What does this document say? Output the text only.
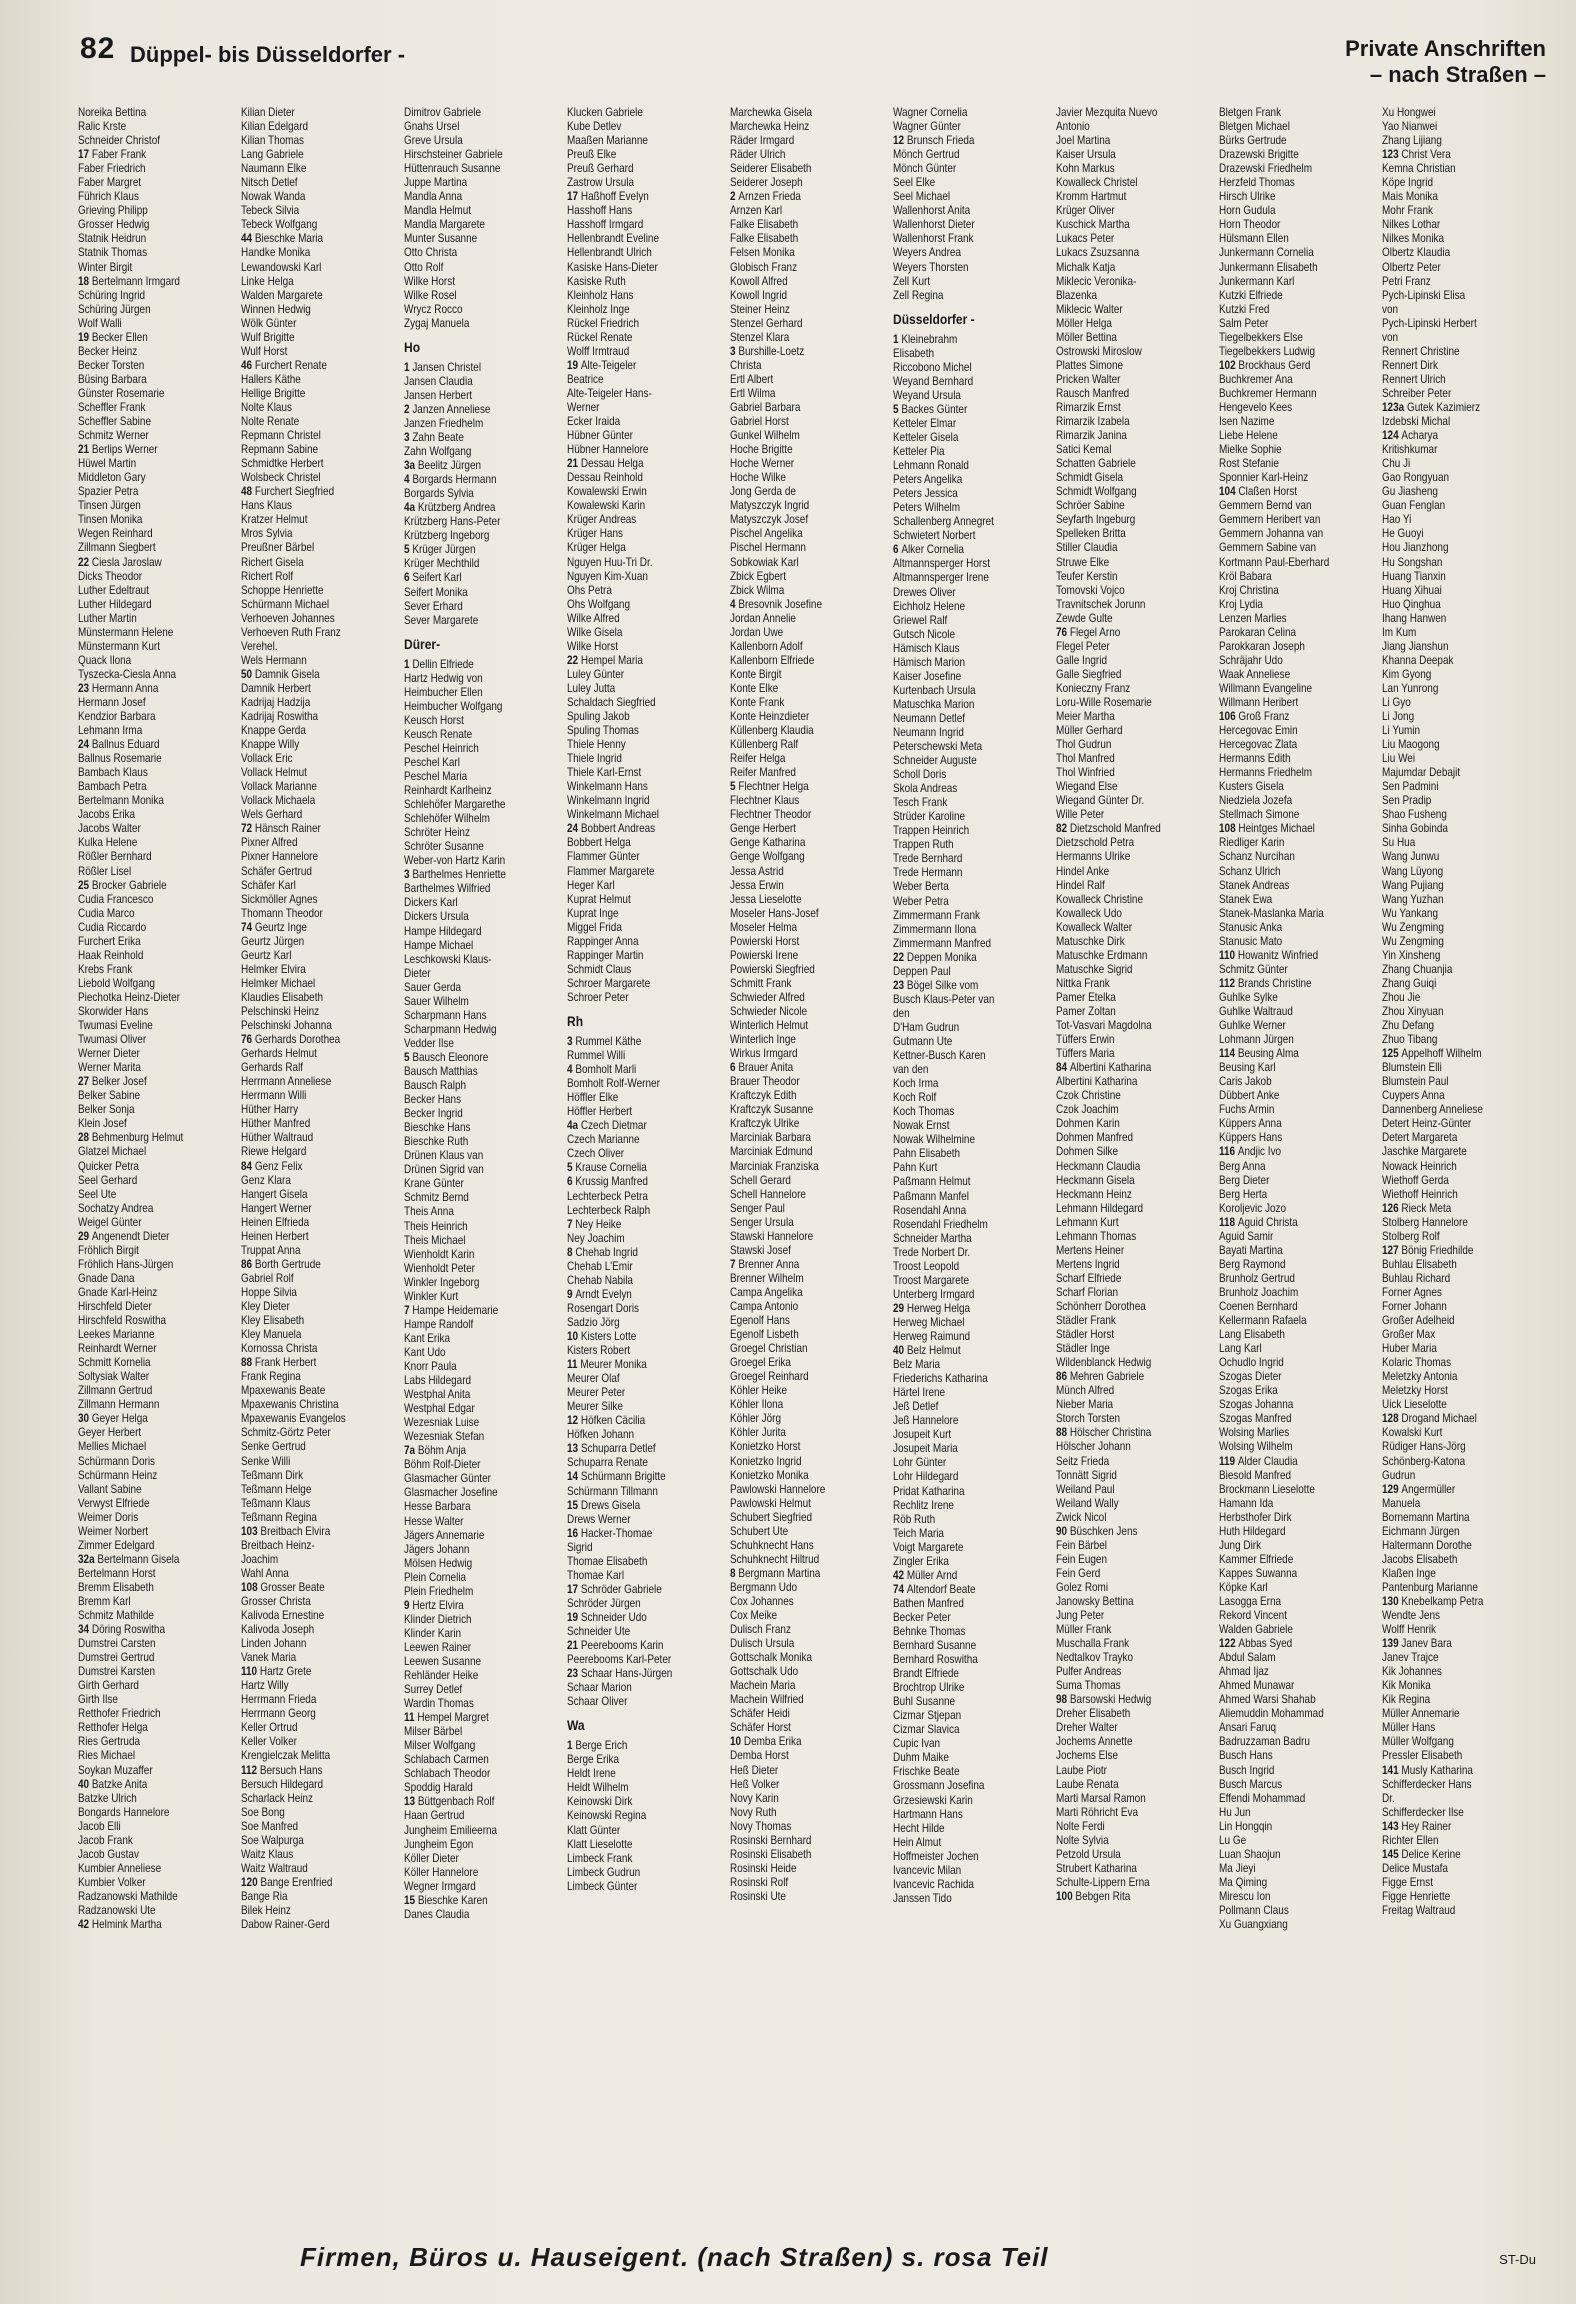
82 Düppel- bis Düsseldorfer -	Private Anschriften
– nach Straßen –
Noreika Bettina
Ralic Krste
Schneider Christof
17 Faber Frank
Faber Friedrich
Faber Margret
Führich Klaus
Grieving Philipp
Grosser Hedwig
Statnik Heidrun
Statnik Thomas
Winter Birgit
18 Bertelmann Irmgard
Schüring Ingrid
Schüring Jürgen
Wolf Walli
19 Becker Ellen
Becker Heinz
Becker Torsten
Büsing Barbara
Günster Rosemarie
Scheffler Frank
Scheffler Sabine
Schmitz Werner
21 Berlips Werner
Hüwel Martin
Middleton Gary
Spazier Petra
Tinsen Jürgen
Tinsen Monika
Wegen Reinhard
Zillmann Siegbert
22 Ciesla Jaroslaw
Dicks Theodor
Luther Edeltraut
Luther Hildegard
Luther Martin
Münstermann Helene
Münstermann Kurt
Quack Ilona
Tyszecka-Ciesla Anna
23 Hermann Anna
Hermann Josef
Kendzior Barbara
Lehmann Irma
24 Ballnus Eduard
Ballnus Rosemarie
Bambach Klaus
Bambach Petra
Bertelmann Monika
Jacobs Erika
Jacobs Walter
Kulka Helene
Rößler Bernhard
Rößler Lisel
25 Brocker Gabriele
Cudia Francesco
Cudia Marco
Cudia Riccardo
Furchert Erika
Haak Reinhold
Krebs Frank
Liebold Wolfgang
Piechotka Heinz-Dieter
Skorwider Hans
Twumasi Eveline
Twumasi Oliver
Werner Dieter
Werner Marita
27 Belker Josef
Belker Sabine
Belker Sonja
Klein Josef
28 Behmenburg Helmut
Glatzel Michael
Quicker Petra
Seel Gerhard
Seel Ute
Sochatzy Andrea
Weigel Günter
29 Angenendt Dieter
Fröhlich Birgit
Fröhlich Hans-Jürgen
Gnade Dana
Gnade Karl-Heinz
Hirschfeld Dieter
Hirschfeld Roswitha
Leekes Marianne
Reinhardt Werner
Schmitt Kornelia
Soltysiak Walter
Zillmann Gertrud
Zillmann Hermann
30 Geyer Helga
Geyer Herbert
Mellies Michael
Schürmann Doris
Schürmann Heinz
Vallant Sabine
Verwyst Elfriede
Weimer Doris
Weimer Norbert
Zimmer Edelgard
32a Bertelmann Gisela
Bertelmann Horst
Bremm Elisabeth
Bremm Karl
Schmitz Mathilde
34 Döring Roswitha
Dumstrei Carsten
Dumstrei Gertrud
Dumstrei Karsten
Girth Gerhard
Girth Ilse
Retthofer Friedrich
Retthofer Helga
Ries Gertruda
Ries Michael
Soykan Muzaffer
40 Batzke Anita
Batzke Ulrich
Bongards Hannelore
Jacob Elli
Jacob Frank
Jacob Gustav
Kumbier Anneliese
Kumbier Volker
Radzanowski Mathilde
Radzanowski Ute
42 Helmink Martha
Kilian Dieter
Kilian Edelgard
Kilian Thomas
Lang Gabriele
Naumann Elke
Nitsch Detlef
Nowak Wanda
Tebeck Silvia
Tebeck Wolfgang
44 Bieschke Maria
Handke Monika
Lewandowski Karl
Linke Helga
Walden Margarete
Winnen Hedwig
Wölk Günter
Wulf Brigitte
Wulf Horst
46 Furchert Renate
Hallers Käthe
Hellige Brigitte
Nolte Klaus
Nolte Renate
Repmann Christel
Repmann Sabine
Schmidtke Herbert
Wolsbeck Christel
48 Furchert Siegfried
Hans Klaus
Kratzer Helmut
Mros Sylvia
Preußner Bärbel
Richert Gisela
Richert Rolf
Schoppe Henriette
Schürmann Michael
Verhoeven Johannes
Verhoeven Ruth Franz
Verehel.
Wels Hermann
50 Damnik Gisela
Damnik Herbert
Kadrijaj Hadzija
Kadrijaj Roswitha
Knappe Gerda
Knappe Willy
Vollack Eric
Vollack Helmut
Vollack Marianne
Vollack Michaela
Wels Gerhard
72 Hänsch Rainer
Pixner Alfred
Pixner Hannelore
Schäfer Gertrud
Schäfer Karl
Sickmöller Agnes
Thomann Theodor
74 Geurtz Inge
Geurtz Jürgen
Geurtz Karl
Helmker Elvira
Helmker Michael
Klaudies Elisabeth
Pelschinski Heinz
Pelschinski Johanna
76 Gerhards Dorothea
Gerhards Helmut
Gerhards Ralf
Herrmann Anneliese
Herrmann Willi
Hüther Harry
Hüther Manfred
Hüther Waltraud
Riewe Helgard
84 Genz Felix
Genz Klara
Hangert Gisela
Hangert Werner
Heinen Elfrieda
Heinen Herbert
Truppat Anna
86 Borth Gertrude
Gabriel Rolf
Hoppe Silvia
Kley Dieter
Kley Elisabeth
Kley Manuela
Kornossa Christa
88 Frank Herbert
Frank Regina
Mpaxewanis Beate
Mpaxewanis Christina
Mpaxewanis Evangelos
Schmitz-Görtz Peter
Senke Gertrud
Senke Willi
Teßmann Dirk
Teßmann Helge
Teßmann Klaus
Teßmann Regina
103 Breitbach Elvira
Breitbach Heinz-
Joachim
Wahl Anna
108 Grosser Beate
Grosser Christa
Kalivoda Ernestine
Kalivoda Joseph
Linden Johann
Vanek Maria
110 Hartz Grete
Hartz Willy
Herrmann Frieda
Herrmann Georg
Keller Ortrud
Keller Volker
Krengielczak Melitta
112 Bersuch Hans
Bersuch Hildegard
Scharlack Heinz
Soe Bong
Soe Manfred
Soe Walpurga
Waitz Klaus
Waitz Waltraud
120 Bange Erenfried
Bange Ria
Bilek Heinz
Dabow Rainer-Gerd
Dimitrov Gabriele
Gnahs Ursel
Greve Ursula
Hirschsteiner Gabriele
Hüttenrauch Susanne
Juppe Martina
Mandla Anna
Mandla Helmut
Mandla Margarete
Munter Susanne
Otto Christa
Otto Rolf
Wilke Horst
Wilke Rosel
Wrycz Rocco
Zygaj Manuela
Ho
1 Jansen Christel
Jansen Claudia
Jansen Herbert
2 Janzen Anneliese
Janzen Friedhelm
3 Zahn Beate
Zahn Wolfgang
3a Beelitz Jürgen
4 Borgards Hermann
Borgards Sylvia
4a Krützberg Andrea
Krützberg Hans-Peter
Krützberg Ingeborg
5 Krüger Jürgen
Krüger Mechthild
6 Seifert Karl
Seifert Monika
Sever Erhard
Sever Margarete
Dürer-
1 Dellin Elfriede
Hartz Hedwig von
Heimbucher Ellen
Heimbucher Wolfgang
Keusch Horst
Keusch Renate
Peschel Heinrich
Peschel Karl
Peschel Maria
Reinhardt Karlheinz
Schlehöfer Margarethe
Schlehöfer Wilhelm
Schröter Heinz
Schröter Susanne
Weber-von Hartz Karin
3 Barthelmes Henriette
Barthelmes Wilfried
Dickers Karl
Dickers Ursula
Hampe Hildegard
Hampe Michael
Leschkowski Klaus-
Dieter
Sauer Gerda
Sauer Wilhelm
Scharpmann Hans
Scharpmann Hedwig
Vedder Ilse
5 Bausch Eleonore
Bausch Matthias
Bausch Ralph
Becker Hans
Becker Ingrid
Bieschke Hans
Bieschke Ruth
Drünen Klaus van
Drünen Sigrid van
Krane Günter
Schmitz Bernd
Theis Anna
Theis Heinrich
Theis Michael
Wienholdt Karin
Wienholdt Peter
Winkler Ingeborg
Winkler Kurt
7 Hampe Heidemarie
Hampe Randolf
Kant Erika
Kant Udo
Knorr Paula
Labs Hildegard
Westphal Anita
Westphal Edgar
Wezesniak Luise
Wezesniak Stefan
7a Böhm Anja
Böhm Rolf-Dieter
Glasmacher Günter
Glasmacher Josefine
Hesse Barbara
Hesse Walter
Jägers Annemarie
Jägers Johann
Mölsen Hedwig
Plein Cornelia
Plein Friedhelm
9 Hertz Elvira
Klinder Dietrich
Klinder Karin
Leewen Rainer
Leewen Susanne
Rehländer Heike
Surrey Detlef
Wardin Thomas
11 Hempel Margret
Milser Bärbel
Milser Wolfgang
Schlabach Carmen
Schlabach Theodor
Spoddig Harald
13 Büttgenbach Rolf
Haan Gertrud
Jungheim Emilieerna
Jungheim Egon
Köller Dieter
Köller Hannelore
Wegner Irmgard
15 Bieschke Karen
Danes Claudia
Klucken Gabriele
Kube Detlev
Maaßen Marianne
Preuß Elke
Preuß Gerhard
Zastrow Ursula
17 Haßhoff Evelyn
Hasshoff Hans
Hasshoff Irmgard
Hellenbrandt Eveline
Hellenbrandt Ulrich
Kasiske Hans-Dieter
Kasiske Ruth
Kleinholz Hans
Kleinholz Inge
Rückel Friedrich
Rückel Renate
Wolff Irmtraud
19 Alte-Teigeler
Beatrice
Alte-Teigeler Hans-
Werner
Ecker Iraida
Hübner Günter
Hübner Hannelore
21 Dessau Helga
Dessau Reinhold
Kowalewski Erwin
Kowalewski Karin
Krüger Andreas
Krüger Hans
Krüger Helga
Nguyen Huu-Tri Dr.
Nguyen Kim-Xuan
Ohs Petra
Ohs Wolfgang
Wilke Alfred
Wilke Gisela
Wilke Horst
22 Hempel Maria
Luley Günter
Luley Jutta
Schaldach Siegfried
Spuling Jakob
Spuling Thomas
Thiele Henny
Thiele Ingrid
Thiele Karl-Ernst
Winkelmann Hans
Winkelmann Ingrid
Winkelmann Michael
24 Bobbert Andreas
Bobbert Helga
Flammer Günter
Flammer Margarete
Heger Karl
Kuprat Helmut
Kuprat Inge
Miggel Frida
Rappinger Anna
Rappinger Martin
Schmidt Claus
Schroer Margarete
Schroer Peter
Rh
3 Rummel Käthe
Rummel Willi
4 Bomholt Marli
Bomholt Rolf-Werner
Höffler Elke
Höffler Herbert
4a Czech Dietmar
Czech Marianne
Czech Oliver
5 Krause Cornelia
6 Krussig Manfred
Lechterbeck Petra
Lechterbeck Ralph
7 Ney Heike
Ney Joachim
8 Chehab Ingrid
Chehab L'Emir
Chehab Nabila
9 Arndt Evelyn
Rosengart Doris
Sadzio Jörg
10 Kisters Lotte
Kisters Robert
11 Meurer Monika
Meurer Olaf
Meurer Peter
Meurer Silke
12 Höfken Cäcilia
Höfken Johann
13 Schuparra Detlef
Schuparra Renate
14 Schürmann Brigitte
Schürmann Tillmann
15 Drews Gisela
Drews Werner
16 Hacker-Thomae
Sigrid
Thomae Elisabeth
Thomae Karl
17 Schröder Gabriele
Schröder Jürgen
19 Schneider Udo
Schneider Ute
21 Peerebooms Karin
Peerebooms Karl-Peter
23 Schaar Hans-Jürgen
Schaar Marion
Schaar Oliver
Wa
1 Berge Erich
Berge Erika
Heldt Irene
Heldt Wilhelm
Keinowski Dirk
Keinowski Regina
Klatt Günter
Klatt Lieselotte
Limbeck Frank
Limbeck Gudrun
Limbeck Günter
Marchewka Gisela
Marchewka Heinz
Räder Irmgard
Räder Ulrich
Seiderer Elisabeth
Seiderer Joseph
2 Arnzen Frieda
Arnzen Karl
Falke Elisabeth
Falke Elisabeth
Felsen Monika
Globisch Franz
Kowoll Alfred
Kowoll Ingrid
Steiner Heinz
Stenzel Gerhard
Stenzel Klara
3 Burshille-Loetz
Christa
Ertl Albert
Ertl Wilma
Gabriel Barbara
Gabriel Horst
Gunkel Wilhelm
Hoche Brigitte
Hoche Werner
Hoche Wilke
Jong Gerda de
Matyszczyk Ingrid
Matyszczyk Josef
Pischel Angelika
Pischel Hermann
Sobkowiak Karl
Zbick Egbert
Zbick Wilma
4 Bresovnik Josefine
Jordan Annelie
Jordan Uwe
Kallenborn Adolf
Kallenborn Elfriede
Konte Birgit
Konte Elke
Konte Frank
Konte Heinzdieter
Küllenberg Klaudia
Küllenberg Ralf
Reifer Helga
Reifer Manfred
5 Flechtner Helga
Flechtner Klaus
Flechtner Theodor
Genge Herbert
Genge Katharina
Genge Wolfgang
Jessa Astrid
Jessa Erwin
Jessa Lieselotte
Moseler Hans-Josef
Moseler Helma
Powierski Horst
Powierski Irene
Powierski Siegfried
Schmitt Frank
Schwieder Alfred
Schwieder Nicole
Winterlich Helmut
Winterlich Inge
Wirkus Irmgard
6 Brauer Anita
Brauer Theodor
Kraftczyk Edith
Kraftczyk Susanne
Kraftczyk Ulrike
Marciniak Barbara
Marciniak Edmund
Marciniak Franziska
Schell Gerard
Schell Hannelore
Senger Paul
Senger Ursula
Stawski Hannelore
Stawski Josef
7 Brenner Anna
Brenner Wilhelm
Campa Angelika
Campa Antonio
Egenolf Hans
Egenolf Lisbeth
Groegel Christian
Groegel Erika
Groegel Reinhard
Köhler Heike
Köhler Ilona
Köhler Jörg
Köhler Jurita
Konietzko Horst
Konietzko Ingrid
Konietzko Monika
Pawlowski Hannelore
Pawlowski Helmut
Schubert Siegfried
Schubert Ute
Schuhknecht Hans
Schuhknecht Hiltrud
8 Bergmann Martina
Bergmann Udo
Cox Johannes
Cox Meike
Dulisch Franz
Dulisch Ursula
Gottschalk Monika
Gottschalk Udo
Machein Maria
Machein Wilfried
Schäfer Heidi
Schäfer Horst
10 Demba Erika
Demba Horst
Heß Dieter
Heß Volker
Novy Karin
Novy Ruth
Novy Thomas
Rosinski Bernhard
Rosinski Elisabeth
Rosinski Heide
Rosinski Rolf
Rosinski Ute
Wagner Cornelia
Wagner Günter
12 Brunsch Frieda
Mönch Gertrud
Mönch Günter
Seel Elke
Seel Michael
Wallenhorst Anita
Wallenhorst Dieter
Wallenhorst Frank
Weyers Andrea
Weyers Thorsten
Zell Kurt
Zell Regina
Düsseldorfer -
1 Kleinebrahm
Elisabeth
Riccobono Michel
Weyand Bernhard
Weyand Ursula
5 Backes Günter
Ketteler Elmar
Ketteler Gisela
Ketteler Pia
Lehmann Ronald
Peters Angelika
Peters Jessica
Peters Wilhelm
Schallenberg Annegret
Schwietert Norbert
6 Alker Cornelia
Altmannsperger Horst
Altmannsperger Irene
Drewes Oliver
Eichholz Helene
Griewel Ralf
Gutsch Nicole
Hämisch Klaus
Hämisch Marion
Kaiser Josefine
Kurtenbach Ursula
Matuschka Marion
Neumann Detlef
Neumann Ingrid
Peterschewski Meta
Schneider Auguste
Scholl Doris
Skola Andreas
Tesch Frank
Strüder Karoline
Trappen Heinrich
Trappen Ruth
Trede Bernhard
Trede Hermann
Weber Berta
Weber Petra
Zimmermann Frank
Zimmermann Ilona
Zimmermann Manfred
22 Deppen Monika
Deppen Paul
23 Bögel Silke vom
Busch Klaus-Peter van
den
D'Ham Gudrun
Gutmann Ute
Kettner-Busch Karen
van den
Koch Irma
Koch Rolf
Koch Thomas
Nowak Ernst
Nowak Wilhelmine
Pahn Elisabeth
Pahn Kurt
Paßmann Helmut
Paßmann Manfel
Rosendahl Anna
Rosendahl Friedhelm
Schneider Martha
Trede Norbert Dr.
Troost Leopold
Troost Margarete
Unterberg Irmgard
29 Herweg Helga
Herweg Michael
Herweg Raimund
40 Belz Helmut
Belz Maria
Friederichs Katharina
Härtel Irene
Jeß Detlef
Jeß Hannelore
Josupeit Kurt
Josupeit Maria
Lohr Günter
Lohr Hildegard
Pridat Katharina
Rechlitz Irene
Röb Ruth
Teich Maria
Voigt Margarete
Zingler Erika
42 Müller Arnd
74 Altendorf Beate
Bathen Manfred
Becker Peter
Behnke Thomas
Bernhard Susanne
Bernhard Roswitha
Brandt Elfriede
Brochtrop Ulrike
Buhl Susanne
Cizmar Stjepan
Cizmar Slavica
Cupic Ivan
Duhm Maike
Frischke Beate
Grossmann Josefina
Grzesiewski Karin
Hartmann Hans
Hecht Hilde
Hein Almut
Hoffmeister Jochen
Ivancevic Milan
Ivancevic Rachida
Janssen Tido
Javier Mezquita Nuevo
Antonio
Joel Martina
Kaiser Ursula
Kohn Markus
Kowalleck Christel
Kromm Hartmut
Krüger Oliver
Kuschick Martha
Lukacs Peter
Lukacs Zsuzsanna
Michalk Katja
Miklecic Veronika-
Blazenka
Miklecic Walter
Möller Helga
Möller Bettina
Ostrowski Miroslow
Plattes Simone
Pricken Walter
Rausch Manfred
Rimarzik Ernst
Rimarzik Izabela
Rimarzik Janina
Satici Kemal
Schatten Gabriele
Schmidt Gisela
Schmidt Wolfgang
Schröer Sabine
Seyfarth Ingeburg
Spelleken Britta
Stiller Claudia
Struwe Elke
Teufer Kerstin
Tomovski Vojco
Travnitschek Jorunn
Zewde Gulte
76 Flegel Arno
Flegel Peter
Galle Ingrid
Galle Siegfried
Konieczny Franz
Loru-Wille Rosemarie
Meier Martha
Müller Gerhard
Thol Gudrun
Thol Manfred
Thol Winfried
Wiegand Else
Wiegand Günter Dr.
Wille Peter
82 Dietzschold Manfred
Dietzschold Petra
Hermanns Ulrike
Hindel Anke
Hindel Ralf
Kowalleck Christine
Kowalleck Udo
Kowalleck Walter
Matuschke Dirk
Matuschke Erdmann
Matuschke Sigrid
Nittka Frank
Pamer Etelka
Pamer Zoltan
Tot-Vasvari Magdolna
Tüffers Erwin
Tüffers Maria
84 Albertini Katharina
Albertini Katharina
Czok Christine
Czok Joachim
Dohmen Karin
Dohmen Manfred
Dohmen Silke
Heckmann Claudia
Heckmann Gisela
Heckmann Heinz
Lehmann Hildegard
Lehmann Kurt
Lehmann Thomas
Mertens Heiner
Mertens Ingrid
Scharf Elfriede
Scharf Florian
Schönherr Dorothea
Städler Frank
Städler Horst
Städler Inge
Wildenblanck Hedwig
86 Mehren Gabriele
Münch Alfred
Nieber Maria
Storch Torsten
88 Hölscher Christina
Hölscher Johann
Seitz Frieda
Tonnätt Sigrid
Weiland Paul
Weiland Wally
Zwick Nicol
90 Büschken Jens
Fein Bärbel
Fein Eugen
Fein Gerd
Golez Romi
Janowsky Bettina
Jung Peter
Müller Frank
Muschalla Frank
Nedtalkov Trayko
Pulfer Andreas
Suma Thomas
98 Barsowski Hedwig
Dreher Elisabeth
Dreher Walter
Jochems Annette
Jochems Else
Laube Piotr
Laube Renata
Marti Marsal Ramon
Marti Röhricht Eva
Nolte Ferdi
Nolte Sylvia
Petzold Ursula
Strubert Katharina
Schulte-Lippern Erna
100 Bebgen Rita
Bletgen Frank
Bletgen Michael
Bürks Gertrude
Drazewski Brigitte
Drazewski Friedhelm
Herzfeld Thomas
Hirsch Ulrike
Horn Gudula
Horn Theodor
Hülsmann Ellen
Junkermann Cornelia
Junkermann Elisabeth
Junkermann Karl
Kutzki Elfriede
Kutzki Fred
Salm Peter
Tiegelbekkers Else
Tiegelbekkers Ludwig
102 Brockhaus Gerd
Buchkremer Ana
Buchkremer Hermann
Hengevelo Kees
Isen Nazime
Liebe Helene
Mielke Sophie
Rost Stefanie
Sponnier Karl-Heinz
104 Claßen Horst
Gemmern Bernd van
Gemmern Heribert van
Gemmern Johanna van
Gemmern Sabine van
Kortmann Paul-Eberhard
Kröl Babara
Kroj Christina
Kroj Lydia
Lenzen Marlies
Parokaran Celina
Parokkaran Joseph
Schräjahr Udo
Waak Anneliese
Willmann Evangeline
Willmann Heribert
106 Groß Franz
Hercegovac Emin
Hercegovac Zlata
Hermanns Edith
Hermanns Friedhelm
Kusters Gisela
Niedziela Jozefa
Stellmach Simone
108 Heintges Michael
Riedliger Karin
Schanz Nurcihan
Schanz Ulrich
Stanek Andreas
Stanek Ewa
Stanek-Maslanka Maria
Stanusic Anka
Stanusic Mato
110 Howanitz Winfried
Schmitz Günter
112 Brands Christine
Guhlke Sylke
Guhlke Waltraud
Guhlke Werner
Lohmann Jürgen
114 Beusing Alma
Beusing Karl
Caris Jakob
Dübbert Anke
Fuchs Armin
Küppers Anna
Küppers Hans
116 Andjic Ivo
Berg Anna
Berg Dieter
Berg Herta
Koroljevic Jozo
118 Aguid Christa
Aguid Samir
Bayati Martina
Berg Raymond
Brunholz Gertrud
Brunholz Joachim
Coenen Bernhard
Kellermann Rafaela
Lang Elisabeth
Lang Karl
Ochudlo Ingrid
Szogas Dieter
Szogas Erika
Szogas Johanna
Szogas Manfred
Wolsing Marlies
Wolsing Wilhelm
119 Alder Claudia
Biesold Manfred
Brockmann Lieselotte
Hamann Ida
Herbsthofer Dirk
Huth Hildegard
Jung Dirk
Kammer Elfriede
Kappes Suwanna
Köpke Karl
Lasogga Erna
Rekord Vincent
Walden Gabriele
122 Abbas Syed
Abdul Salam
Ahmad Ijaz
Ahmed Munawar
Ahmed Warsi Shahab
Aliemuddin Mohammad
Ansari Faruq
Badruzzaman Badru
Busch Hans
Busch Ingrid
Busch Marcus
Effendi Mohammad
Hu Jun
Lin Hongqin
Lu Ge
Luan Shaojun
Ma Jieyi
Ma Qiming
Mirescu Ion
Pollmann Claus
Xu Guangxiang
Xu Hongwei
Yao Nianwei
Zhang Lijiang
123 Christ Vera
Kemna Christian
Köpe Ingrid
Mais Monika
Mohr Frank
Nilkes Lothar
Nilkes Monika
Olbertz Klaudia
Olbertz Peter
Petri Franz
Pych-Lipinski Elisa
von
Pych-Lipinski Herbert
von
Rennert Christine
Rennert Dirk
Rennert Ulrich
Schreiber Peter
123a Gutek Kazimierz
Izdebski Michal
124 Acharya
Kritishkumar
Chu Ji
Gao Rongyuan
Gu Jiasheng
Guan Fenglan
Hao Yi
He Guoyi
Hou Jianzhong
Hu Songshan
Huang Tianxin
Huang Xihuai
Huo Qinghua
Ihang Hanwen
Im Kum
Jiang Jianshun
Khanna Deepak
Kim Gyong
Lan Yunrong
Li Gyo
Li Jong
Li Yumin
Liu Maogong
Liu Wei
Majumdar Debajit
Sen Padmini
Sen Pradip
Shao Fusheng
Sinha Gobinda
Su Hua
Wang Junwu
Wang Lüyong
Wang Pujiang
Wang Yuzhan
Wu Yankang
Wu Zengming
Wu Zengming
Yin Xinsheng
Zhang Chuanjia
Zhang Guiqi
Zhou Jie
Zhou Xinyuan
Zhu Defang
Zhuo Tibang
125 Appelhoff Wilhelm
Blumstein Elli
Blumstein Paul
Cuypers Anna
Dannenberg Anneliese
Detert Heinz-Günter
Detert Margareta
Jaschke Margarete
Nowack Heinrich
Wiethoff Gerda
Wiethoff Heinrich
126 Rieck Meta
Stolberg Hannelore
Stolberg Rolf
127 Bönig Friedhilde
Buhlau Elisabeth
Buhlau Richard
Forner Agnes
Forner Johann
Großer Adelheid
Großer Max
Huber Maria
Kolaric Thomas
Meletzky Antonia
Meletzky Horst
Uick Lieselotte
128 Drogand Michael
Kowalski Kurt
Rüdiger Hans-Jörg
Schönberg-Katona
Gudrun
129 Angermüller
Manuela
Bornemann Martina
Eichmann Jürgen
Haltermann Dorothe
Jacobs Elisabeth
Klaßen Inge
Pantenburg Marianne
130 Knebelkamp Petra
Wendte Jens
Wolff Henrik
139 Janev Bara
Janev Trajce
Kik Johannes
Kik Monika
Kik Regina
Müller Annemarie
Müller Hans
Müller Wolfgang
Pressler Elisabeth
141 Musly Katharina
Schifferdecker Hans
Dr.
Schifferdecker Ilse
143 Hey Rainer
Richter Ellen
145 Delice Kerine
Delice Mustafa
Figge Ernst
Figge Henriette
Freitag Waltraud
Firmen, Büros u. Hauseigent. (nach Straßen) s. rosa Teil	ST-Du
